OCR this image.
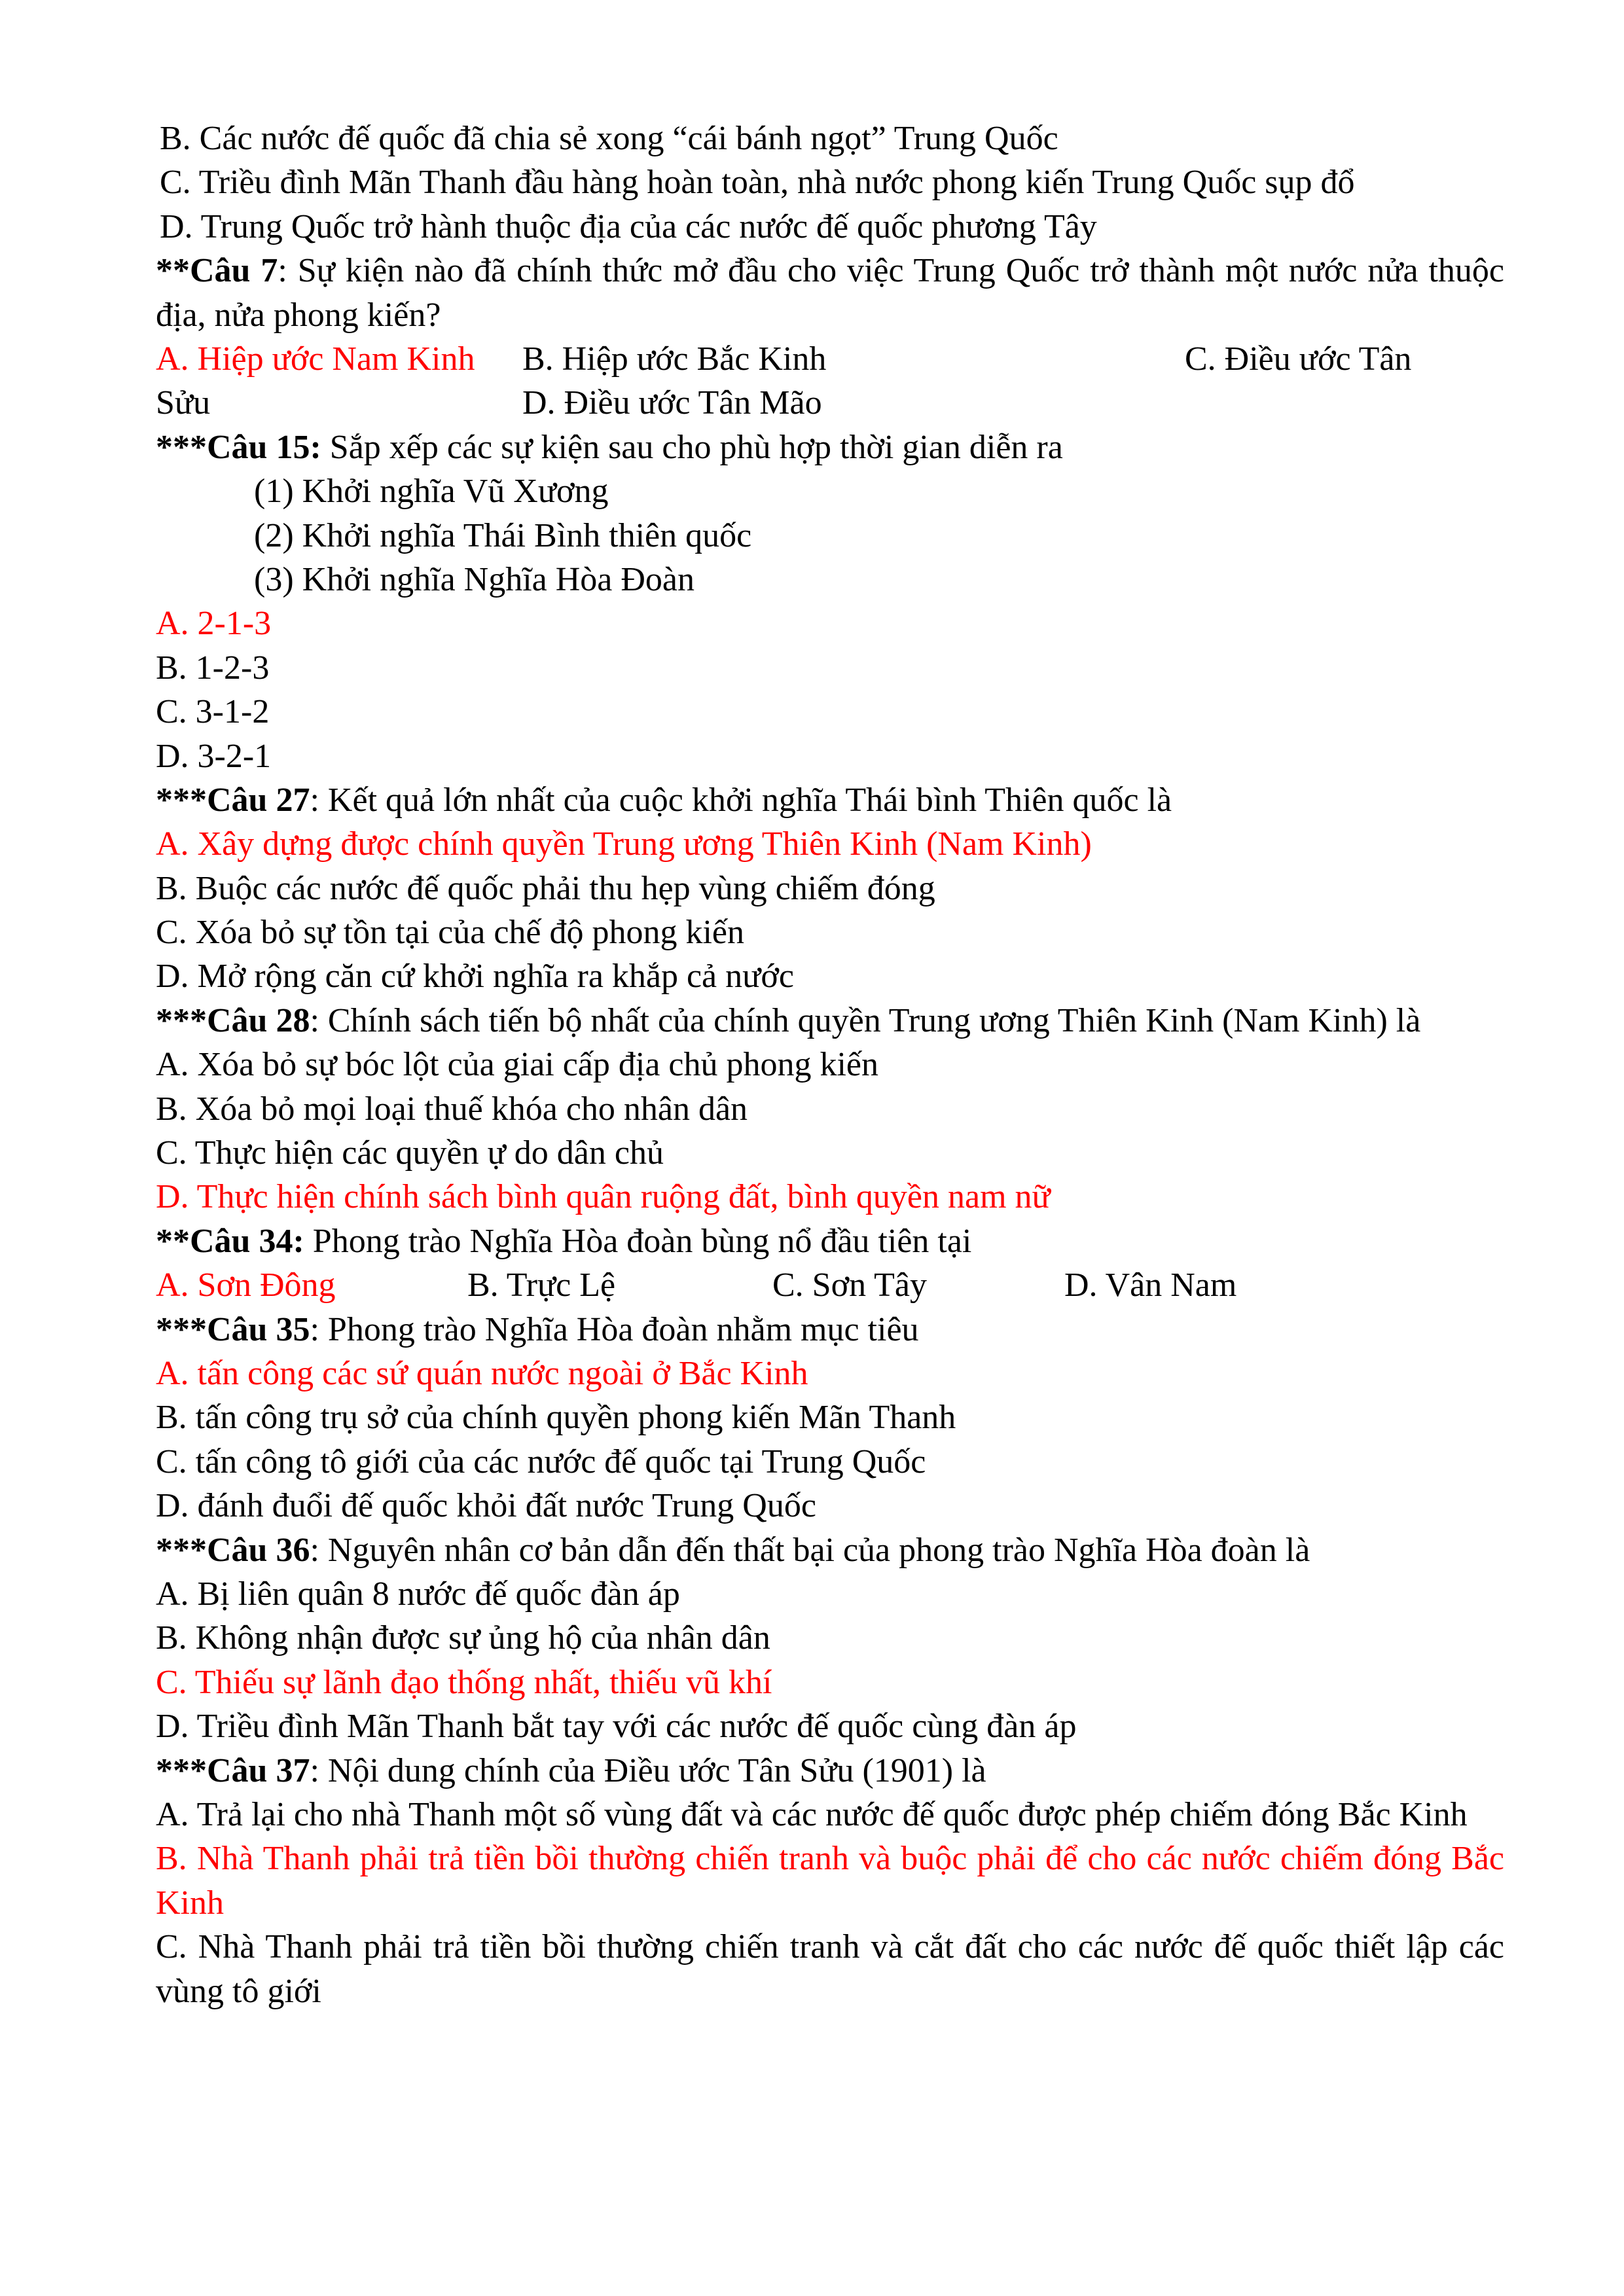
B. Các nước đế quốc đã chia sẻ xong “cái bánh ngọt” Trung Quốc
C. Triều đình Mãn Thanh đầu hàng hoàn toàn, nhà nước phong kiến Trung Quốc sụp đổ
D. Trung Quốc trở hành thuộc địa của các nước đế quốc phương Tây
**Câu 7: Sự kiện nào đã chính thức mở đầu cho việc Trung Quốc trở thành một nước nửa thuộc địa, nửa phong kiến?
A. Hiệp ước Nam Kinh B. Hiệp ước Bắc Kinh	C. Điều ước Tân
Sửu	D. Điều ước Tân Mão
***Câu 15: Sắp xếp các sự kiện sau cho phù hợp thời gian diễn ra
(1) Khởi nghĩa Vũ Xương
(2) Khởi nghĩa Thái Bình thiên quốc
(3) Khởi nghĩa Nghĩa Hòa Đoàn
A. 2-1-3
B. 1-2-3
C. 3-1-2
D. 3-2-1
***Câu 27: Kết quả lớn nhất của cuộc khởi nghĩa Thái bình Thiên quốc là
A. Xây dựng được chính quyền Trung ương Thiên Kinh (Nam Kinh)
B. Buộc các nước đế quốc phải thu hẹp vùng chiếm đóng
C. Xóa bỏ sự tồn tại của chế độ phong kiến
D. Mở rộng căn cứ khởi nghĩa ra khắp cả nước
***Câu 28: Chính sách tiến bộ nhất của chính quyền Trung ương Thiên Kinh (Nam Kinh) là
A. Xóa bỏ sự bóc lột của giai cấp địa chủ phong kiến
B. Xóa bỏ mọi loại thuế khóa cho nhân dân
C. Thực hiện các quyền ự do dân chủ
D. Thực hiện chính sách bình quân ruộng đất, bình quyền nam nữ
**Câu 34: Phong trào Nghĩa Hòa đoàn bùng nổ đầu tiên tại
A. Sơn Đông	B. Trực Lệ	C. Sơn Tây	D. Vân Nam
***Câu 35: Phong trào Nghĩa Hòa đoàn nhằm mục tiêu
A. tấn công các sứ quán nước ngoài ở Bắc Kinh
B. tấn công trụ sở của chính quyền phong kiến Mãn Thanh
C. tấn công tô giới của các nước đế quốc tại Trung Quốc
D. đánh đuổi đế quốc khỏi đất nước Trung Quốc
***Câu 36: Nguyên nhân cơ bản dẫn đến thất bại của phong trào Nghĩa Hòa đoàn là
A. Bị liên quân 8 nước đế quốc đàn áp
B. Không nhận được sự ủng hộ của nhân dân
C. Thiếu sự lãnh đạo thống nhất, thiếu vũ khí
D. Triều đình Mãn Thanh bắt tay với các nước đế quốc cùng đàn áp
***Câu 37: Nội dung chính của Điều ước Tân Sửu (1901) là
A. Trả lại cho nhà Thanh một số vùng đất và các nước đế quốc được phép chiếm đóng Bắc Kinh
B. Nhà Thanh phải trả tiền bồi thường chiến tranh và buộc phải để cho các nước chiếm đóng Bắc Kinh
C. Nhà Thanh phải trả tiền bồi thường chiến tranh và cắt đất cho các nước đế quốc thiết lập các vùng tô giới
